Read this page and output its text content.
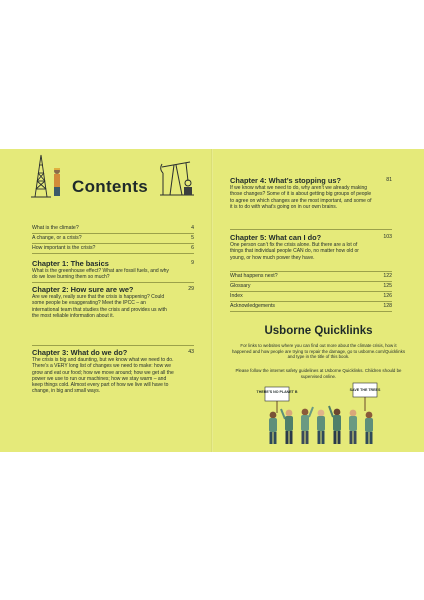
Contents
What is the climate?	4
A change, or a crisis?	5
How important is the crisis?	6
Chapter 1: The basics	9
What is the greenhouse effect? What are fossil fuels, and why do we love burning them so much?
Chapter 2: How sure are we?	29
Are we really, really sure that the crisis is happening? Could some people be exaggerating? Meet the IPCC – an international team that studies the crisis and provides us with the most reliable information about it.
Chapter 3: What do we do?	43
The crisis is big and daunting, but we know what we need to do. There’s a VERY long list of changes we need to make: how we grow and eat our food; how we move around; how we get all the power we use to run our machines; how we stay warm – and keep things cold. Almost every part of how we live will have to change, in big and small ways.
Chapter 4: What’s stopping us?	81
If we know what we need to do, why aren’t we already making those changes? Some of it is about getting big groups of people to agree on which changes are the most important, and some of it is to do with what’s going on in our own brains.
Chapter 5: What can I do?	103
One person can’t fix the crisis alone. But there are a lot of things that individual people CAN do, no matter how old or young, or how much power they have.
What happens next?	122
Glossary	125
Index	126
Acknowledgements	128
Usborne Quicklinks
For links to websites where you can find out more about the climate crisis, how it happened and how people are trying to repair the damage, go to usborne.com/Quicklinks and type in the title of this book.
Please follow the internet safety guidelines at Usborne Quicklinks. Children should be supervised online.
THERE’S NO PLANET B	SAVE THE TREES
